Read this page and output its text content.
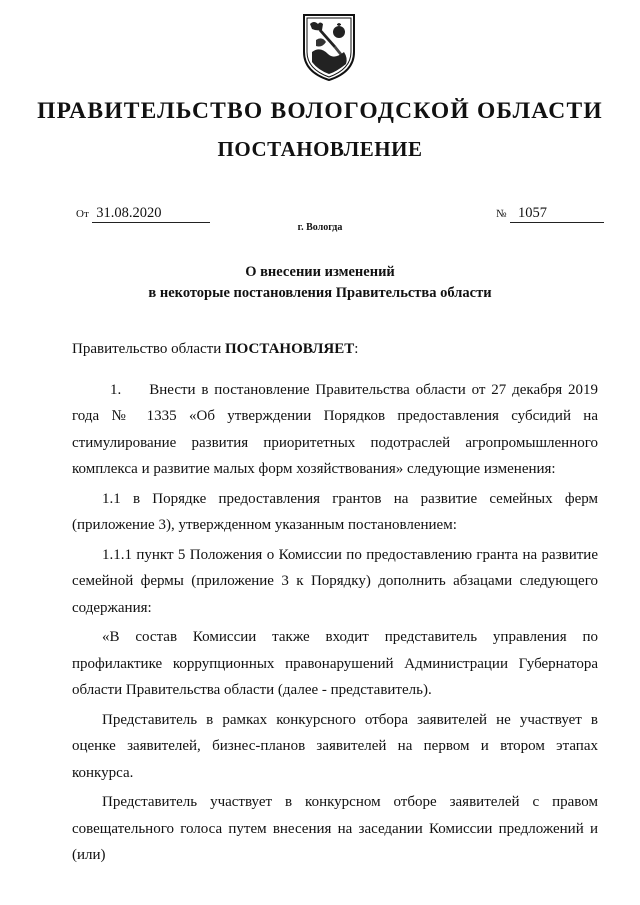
ПРАВИТЕЛЬСТВО ВОЛОГОДСКОЙ ОБЛАСТИ
ПОСТАНОВЛЕНИЕ
От 31.08.2020	№ 1057
г. Вологда
О внесении изменений
в некоторые постановления Правительства области

Правительство области ПОСТАНОВЛЯЕТ:

1. Внести в постановление Правительства области от 27 декабря 2019 года № 1335 «Об утверждении Порядков предоставления субсидий на стимулирование развития приоритетных подотраслей агропромышленного комплекса и развитие малых форм хозяйствования» следующие изменения:

1.1 в Порядке предоставления грантов на развитие семейных ферм (приложение 3), утвержденном указанным постановлением:

1.1.1 пункт 5 Положения о Комиссии по предоставлению гранта на развитие семейной фермы (приложение 3 к Порядку) дополнить абзацами следующего содержания:

«В состав Комиссии также входит представитель управления по профилактике коррупционных правонарушений Администрации Губернатора области Правительства области (далее - представитель).

Представитель в рамках конкурсного отбора заявителей не участвует в оценке заявителей, бизнес-планов заявителей на первом и втором этапах конкурса.

Представитель участвует в конкурсном отборе заявителей с правом совещательного голоса путем внесения на заседании Комиссии предложений и (или)
